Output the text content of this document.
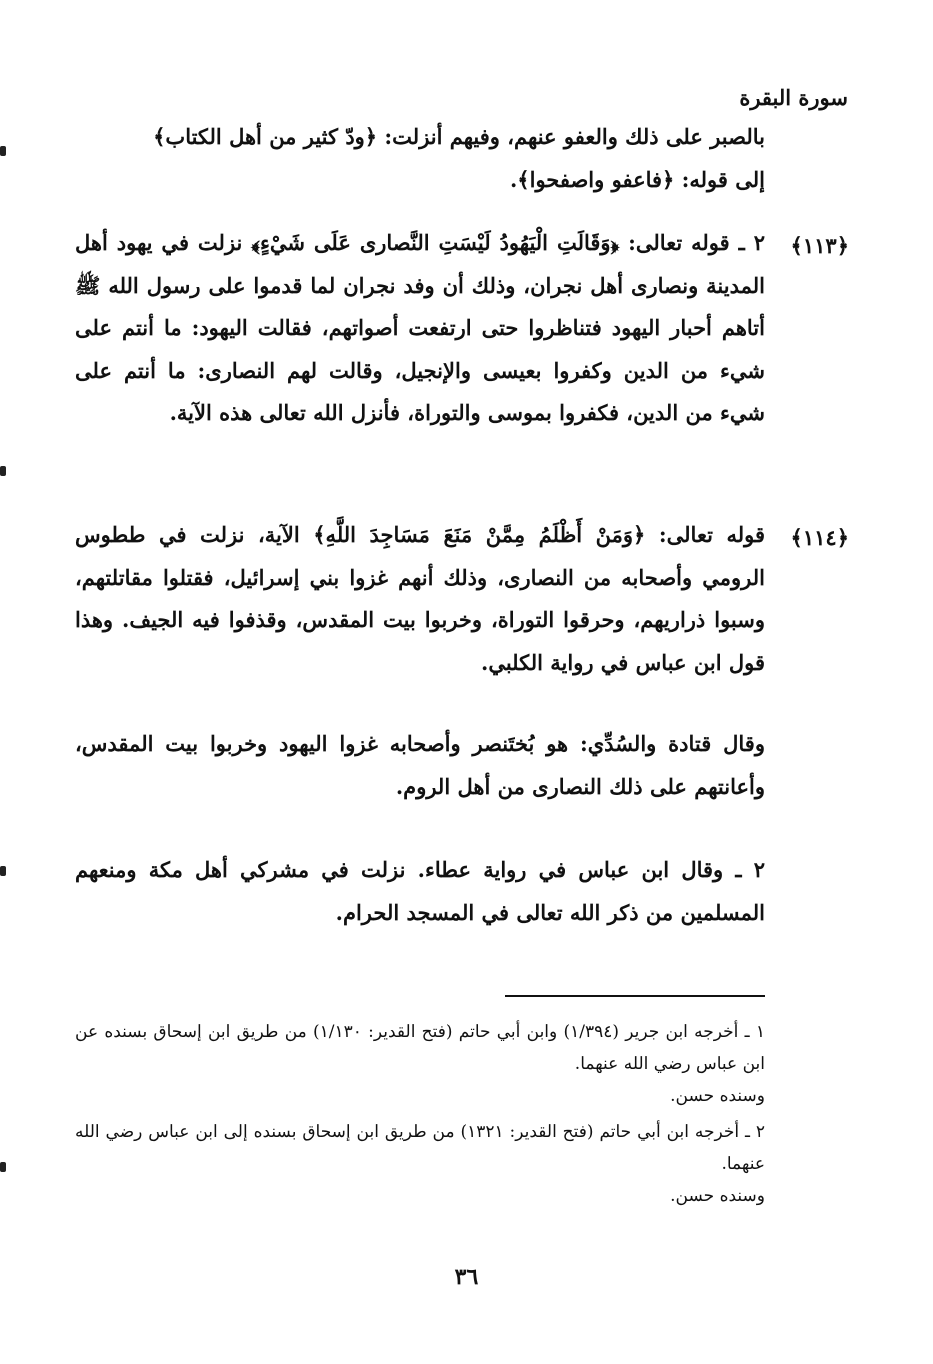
سورة البقرة
بالصبر على ذلك والعفو عنهم، وفيهم أنزلت: ﴿ودّ كثير من أهل الكتاب﴾
إلى قوله: ﴿فاعفو واصفحوا﴾.
﴿١١٣﴾
٢ ـ قوله تعالى: ﴿وَقَالَتِ الْيَهُودُ لَيْسَتِ النَّصارى عَلَى شَيْءٍ﴾ نزلت في يهود أهل المدينة ونصارى أهل نجران، وذلك أن وفد نجران لما قدموا على رسول الله ﷺ أتاهم أحبار اليهود فتناظروا حتى ارتفعت أصواتهم، فقالت اليهود: ما أنتم على شيء من الدين وكفروا بعيسى والإنجيل، وقالت لهم النصارى: ما أنتم على شيء من الدين، فكفروا بموسى والتوراة، فأنزل الله تعالى هذه الآية.
﴿١١٤﴾
قوله تعالى: ﴿وَمَنْ أَظْلَمُ مِمَّنْ مَنَعَ مَسَاجِدَ اللَّهِ﴾ الآية، نزلت في ططوس الرومي وأصحابه من النصارى، وذلك أنهم غزوا بني إسرائيل، فقتلوا مقاتلتهم، وسبوا ذراريهم، وحرقوا التوراة، وخربوا بيت المقدس، وقذفوا فيه الجيف. وهذا قول ابن عباس في رواية الكلبي.
وقال قتادة والسُدِّي: هو بُختَنصر وأصحابه غزوا اليهود وخربوا بيت المقدس، وأعانتهم على ذلك النصارى من أهل الروم.
٢ ـ وقال ابن عباس في رواية عطاء. نزلت في مشركي أهل مكة ومنعهم المسلمين من ذكر الله تعالى في المسجد الحرام.
١ ـ أخرجه ابن جرير (١/٣٩٤) وابن أبي حاتم (فتح القدير: ١/١٣٠) من طريق ابن إسحاق بسنده عن ابن عباس رضي الله عنهما.
وسنده حسن.
٢ ـ أخرجه ابن أبي حاتم (فتح القدير: ١٣٢١) من طريق ابن إسحاق بسنده إلى ابن عباس رضي الله عنهما.
وسنده حسن.
٣٦
